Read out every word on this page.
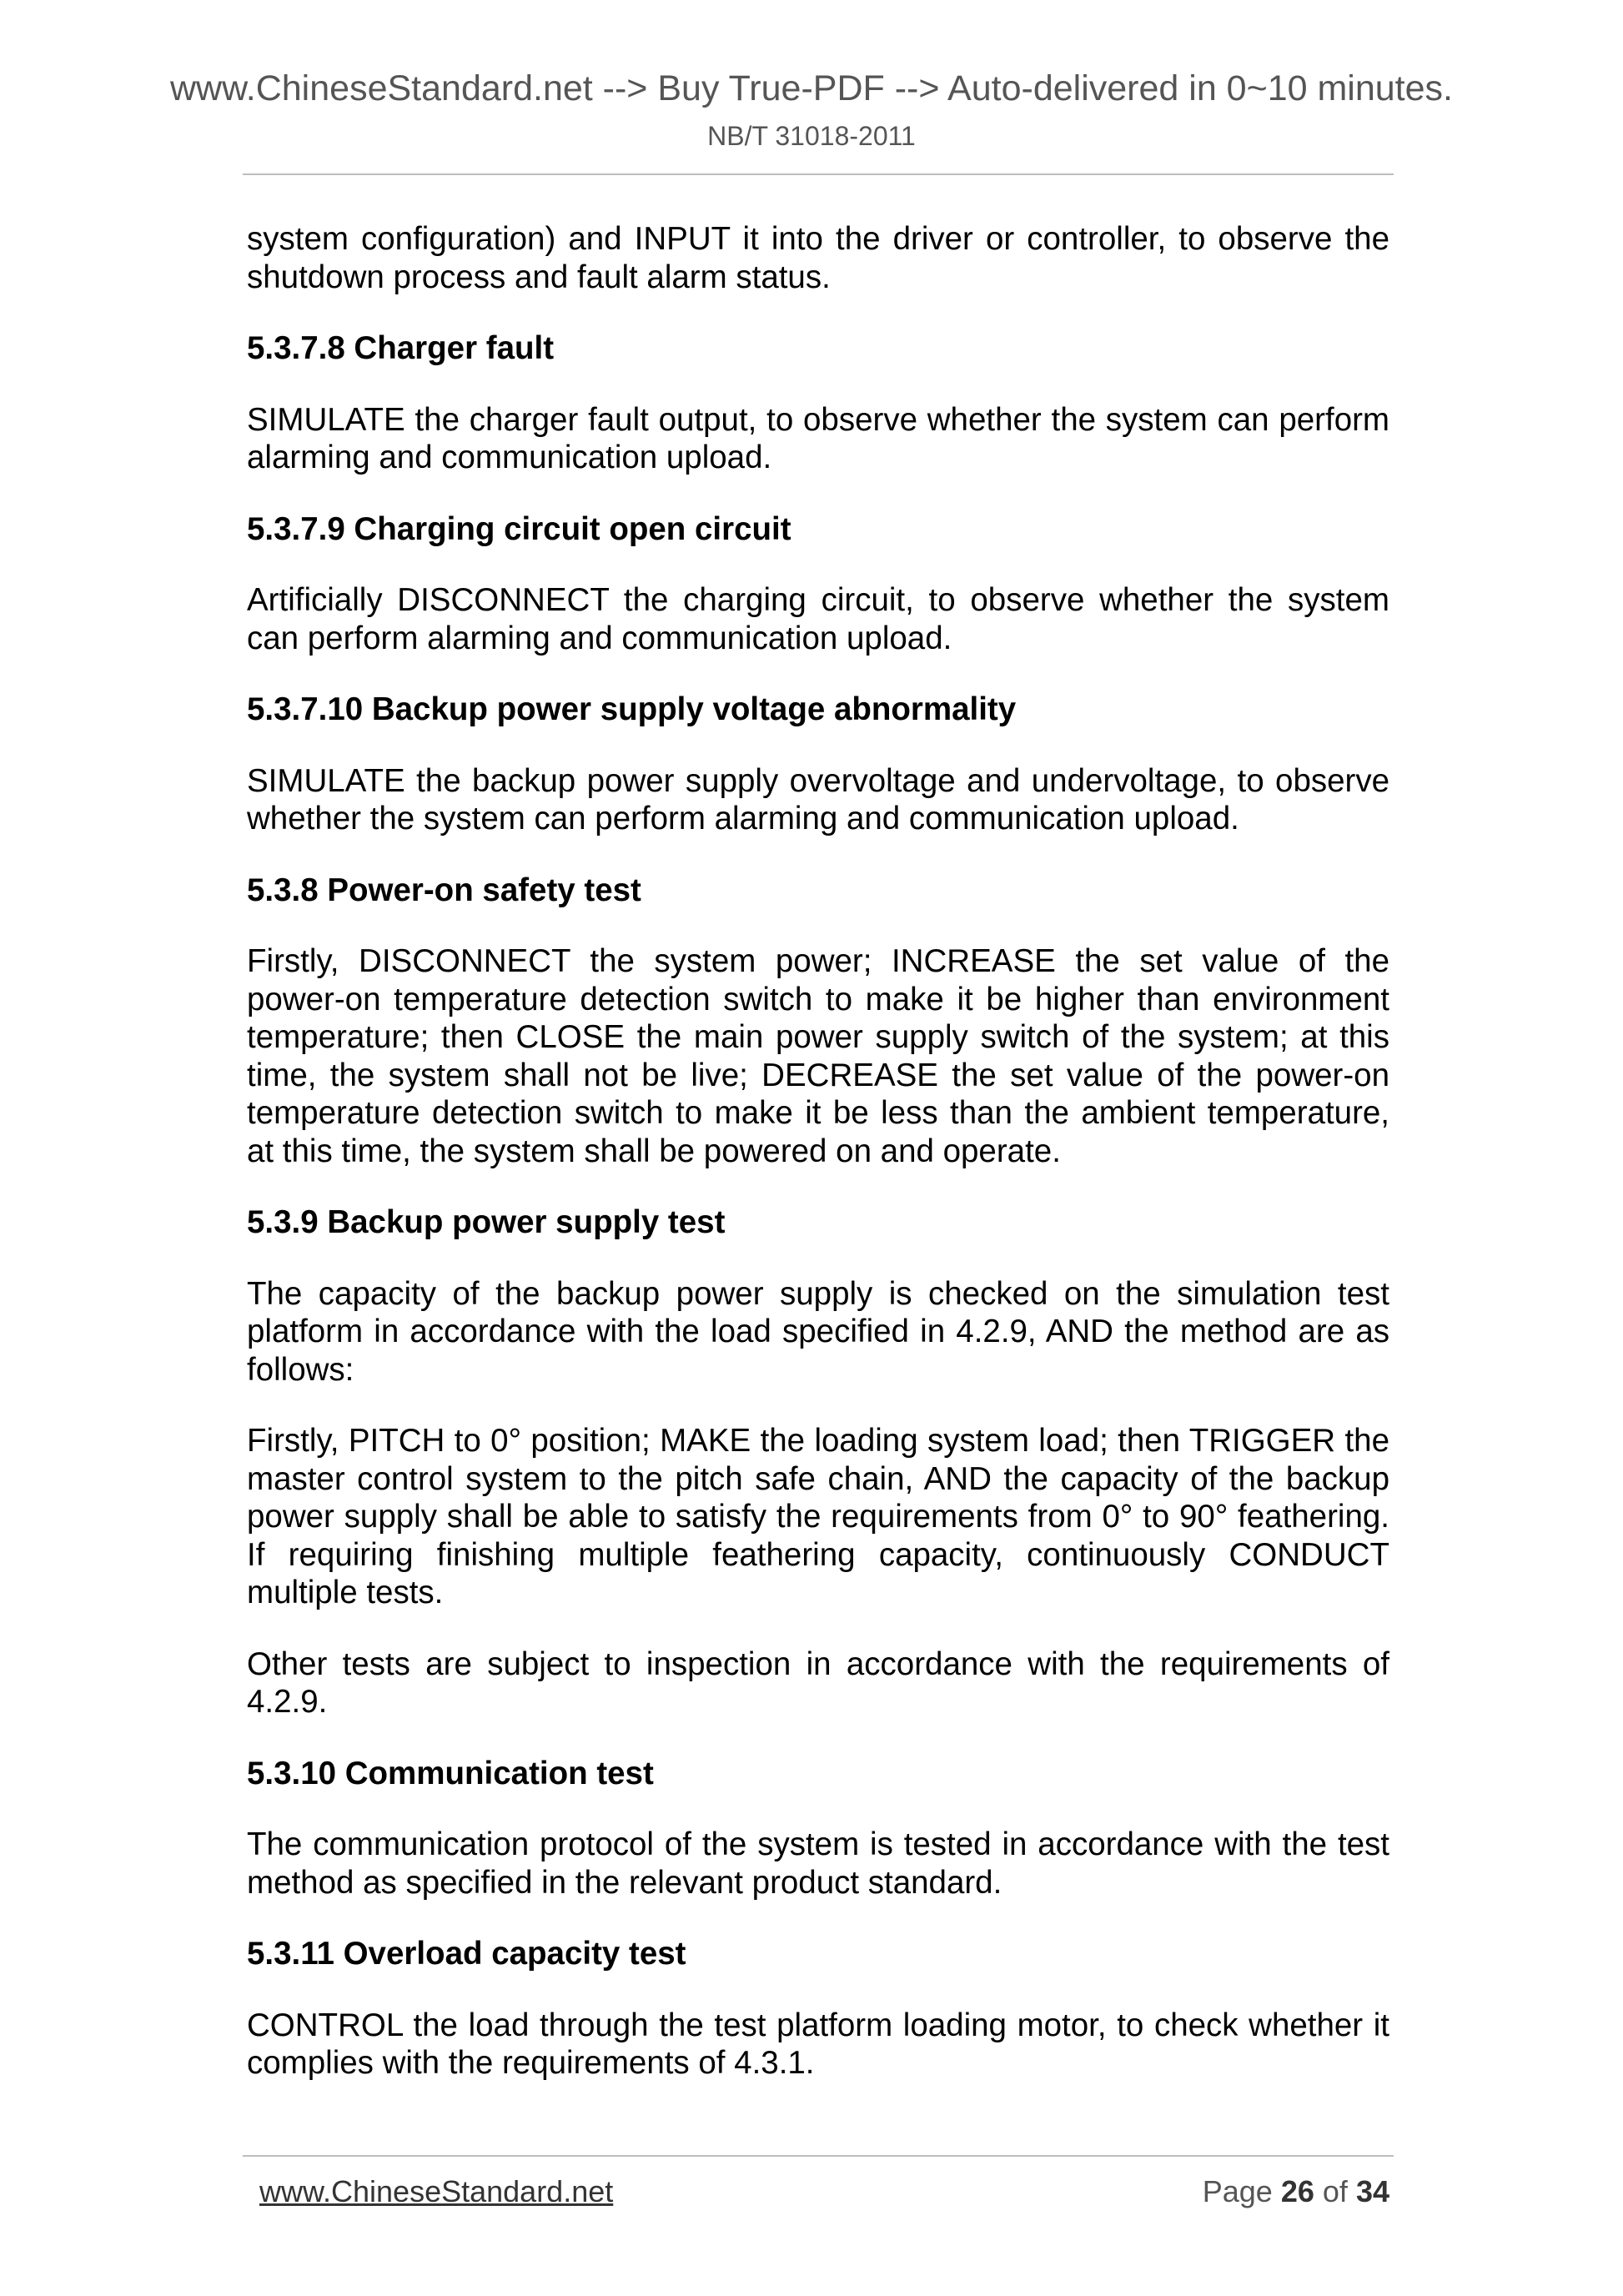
www.ChineseStandard.net --> Buy True-PDF --> Auto-delivered in 0~10 minutes.
NB/T 31018-2011

system configuration) and INPUT it into the driver or controller, to observe the shutdown process and fault alarm status.

5.3.7.8 Charger fault

SIMULATE the charger fault output, to observe whether the system can perform alarming and communication upload.

5.3.7.9 Charging circuit open circuit

Artificially DISCONNECT the charging circuit, to observe whether the system can perform alarming and communication upload.

5.3.7.10 Backup power supply voltage abnormality

SIMULATE the backup power supply overvoltage and undervoltage, to observe whether the system can perform alarming and communication upload.

5.3.8 Power-on safety test

Firstly, DISCONNECT the system power; INCREASE the set value of the power-on temperature detection switch to make it be higher than environment temperature; then CLOSE the main power supply switch of the system; at this time, the system shall not be live; DECREASE the set value of the power-on temperature detection switch to make it be less than the ambient temperature, at this time, the system shall be powered on and operate.

5.3.9 Backup power supply test

The capacity of the backup power supply is checked on the simulation test platform in accordance with the load specified in 4.2.9, AND the method are as follows:

Firstly, PITCH to 0° position; MAKE the loading system load; then TRIGGER the master control system to the pitch safe chain, AND the capacity of the backup power supply shall be able to satisfy the requirements from 0° to 90° feathering. If requiring finishing multiple feathering capacity, continuously CONDUCT multiple tests.

Other tests are subject to inspection in accordance with the requirements of 4.2.9.

5.3.10 Communication test

The communication protocol of the system is tested in accordance with the test method as specified in the relevant product standard.

5.3.11 Overload capacity test

CONTROL the load through the test platform loading motor, to check whether it complies with the requirements of 4.3.1.

www.ChineseStandard.net	Page 26 of 34
